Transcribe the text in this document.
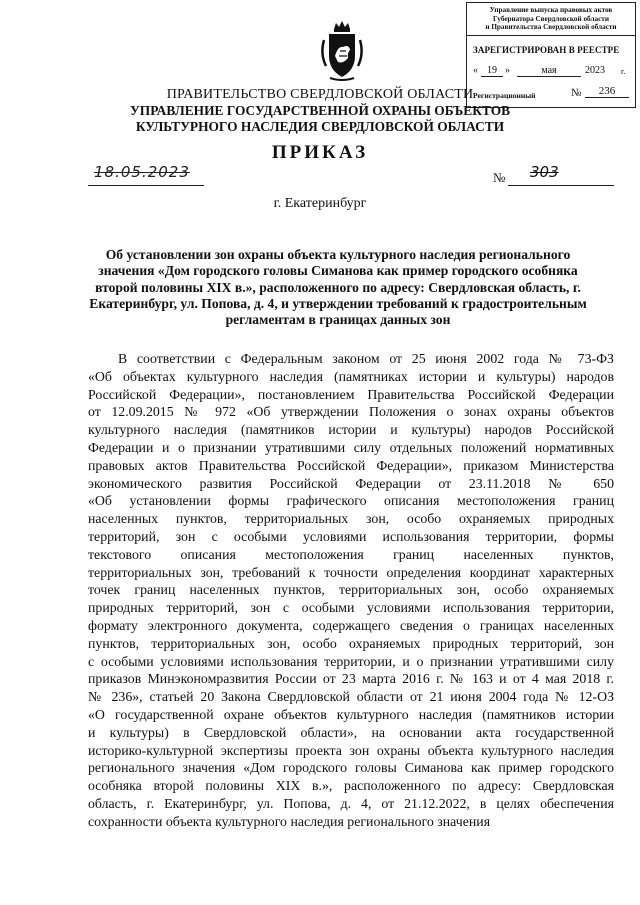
Управление выпуска правовых актов
Губернатора Свердловской области
и Правительства Свердловской области
ЗАРЕГИСТРИРОВАН В РЕЕСТРЕ
« 19 »	мая	2023 г.
Регистрационный	№	236
ПРАВИТЕЛЬСТВО СВЕРДЛОВСКОЙ ОБЛАСТИ
УПРАВЛЕНИЕ ГОСУДАРСТВЕННОЙ ОХРАНЫ ОБЪЕКТОВ КУЛЬТУРНОГО НАСЛЕДИЯ СВЕРДЛОВСКОЙ ОБЛАСТИ
ПРИКАЗ
18.05.2023	№ 303
г. Екатеринбург
Об установлении зон охраны объекта культурного наследия регионального значения «Дом городского головы Симанова как пример городского особняка второй половины XIX в.», расположенного по адресу: Свердловская область, г. Екатеринбург, ул. Попова, д. 4, и утверждении требований к градостроительным регламентам в границах данных зон
В соответствии с Федеральным законом от 25 июня 2002 года № 73-ФЗ
«Об объектах культурного наследия (памятниках истории и культуры) народов
Российской Федерации», постановлением Правительства Российской Федерации
от 12.09.2015 № 972 «Об утверждении Положения о зонах охраны объектов
культурного наследия (памятников истории и культуры) народов Российской
Федерации и о признании утратившими силу отдельных положений нормативных
правовых актов Правительства Российской Федерации», приказом Министерства
экономического развития Российской Федерации от 23.11.2018 № 650
«Об установлении формы графического описания местоположения границ
населенных пунктов, территориальных зон, особо охраняемых природных
территорий, зон с особыми условиями использования территории, формы
текстового описания местоположения границ населенных пунктов,
территориальных зон, требований к точности определения координат характерных
точек границ населенных пунктов, территориальных зон, особо охраняемых
природных территорий, зон с особыми условиями использования территории,
формату электронного документа, содержащего сведения о границах населенных
пунктов, территориальных зон, особо охраняемых природных территорий, зон
с особыми условиями использования территории, и о признании утратившими силу
приказов Минэкономразвития России от 23 марта 2016 г. № 163 и от 4 мая 2018 г.
№ 236», статьей 20 Закона Свердловской области от 21 июня 2004 года № 12-ОЗ
«О государственной охране объектов культурного наследия (памятников истории
и культуры) в Свердловской области», на основании акта государственной
историко-культурной экспертизы проекта зон охраны объекта культурного наследия
регионального значения «Дом городского головы Симанова как пример городского
особняка второй половины XIX в.», расположенного по адресу: Свердловская
область, г. Екатеринбург, ул. Попова, д. 4, от 21.12.2022, в целях обеспечения
сохранности объекта культурного наследия регионального значения
